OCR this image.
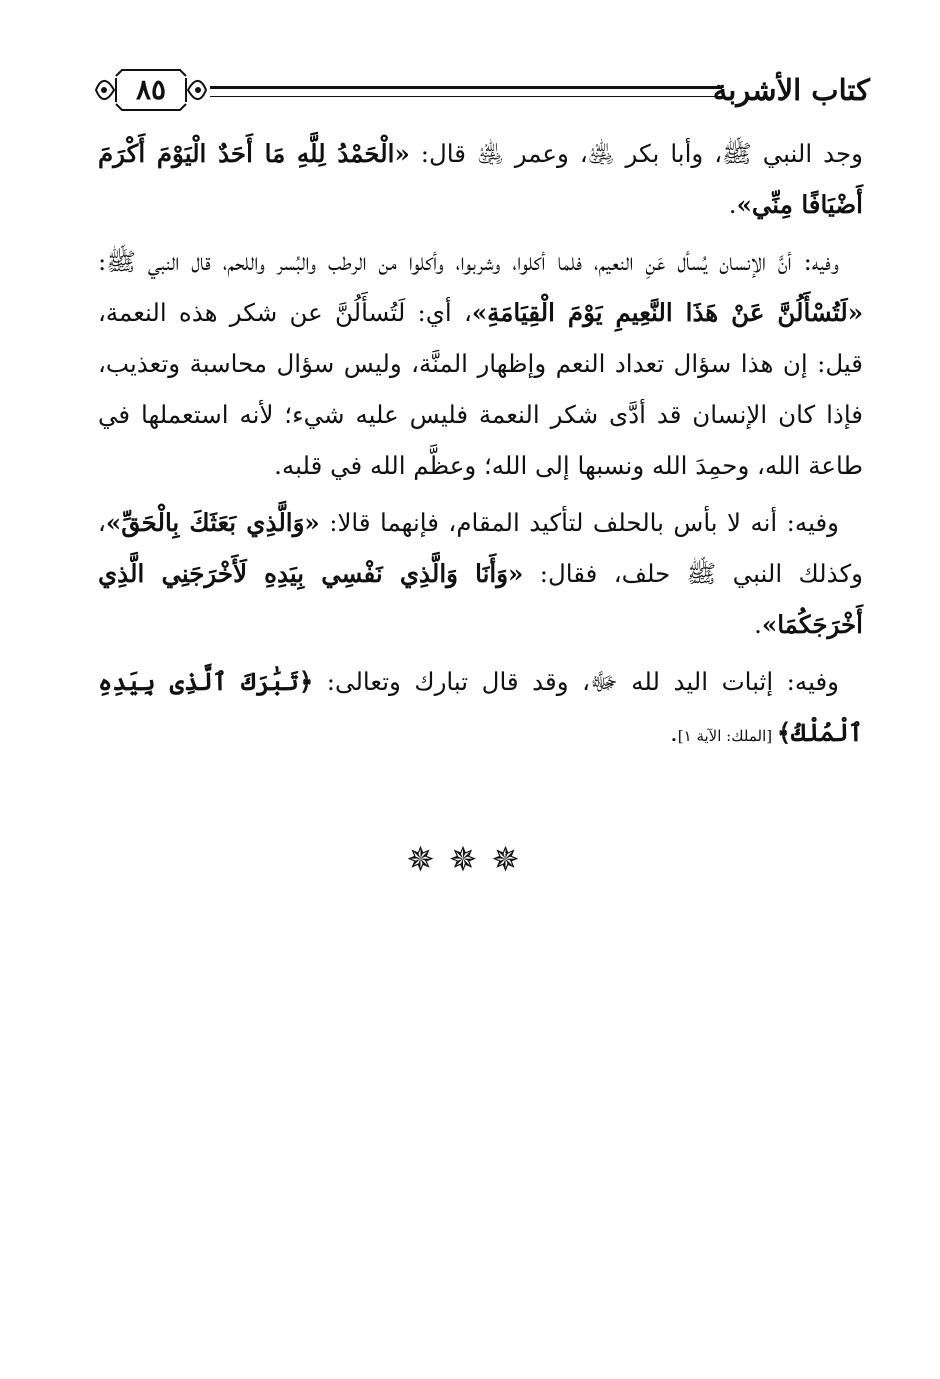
كتاب الأشربة
٨٥

وجد النبي ﷺ، وأبا بكر ﵁، وعمر ﵁ قال: «الْحَمْدُ لِلَّهِ مَا أَحَدٌ الْيَوْمَ أَكْرَمَ أَضْيَافًا مِنِّي».

وفيه: أنَّ الإنسان يُسأل عَنِ النعيم، فلما أكلوا، وشربوا، وأكلوا من الرطب والبُسر واللحم، قال النبي ﷺ: «لَتُسْأَلُنَّ عَنْ هَذَا النَّعِيمِ يَوْمَ الْقِيَامَةِ»، أي: لَتُسأَلُنَّ عن شكر هذه النعمة، قيل: إن هذا سؤال تعداد النعم وإظهار المنَّة، وليس سؤال محاسبة وتعذيب، فإذا كان الإنسان قد أدَّى شكر النعمة فليس عليه شيء؛ لأنه استعملها في طاعة الله، وحمِدَ الله ونسبها إلى الله؛ وعظَّم الله في قلبه.

وفيه: أنه لا بأس بالحلف لتأكيد المقام، فإنهما قالا: «وَالَّذِي بَعَثَكَ بِالْحَقِّ»، وكذلك النبي ﷺ حلف، فقال: «وَأَنَا وَالَّذِي نَفْسِي بِيَدِهِ لَأَخْرَجَنِي الَّذِي أَخْرَجَكُمَا».

وفيه: إثبات اليد لله ﷻ، وقد قال تبارك وتعالى: ﴿تَبَٰرَكَ ٱلَّذِى بِيَدِهِ ٱلْمُلْكُ﴾ [الملك: الآية ١].

✵✵✵
